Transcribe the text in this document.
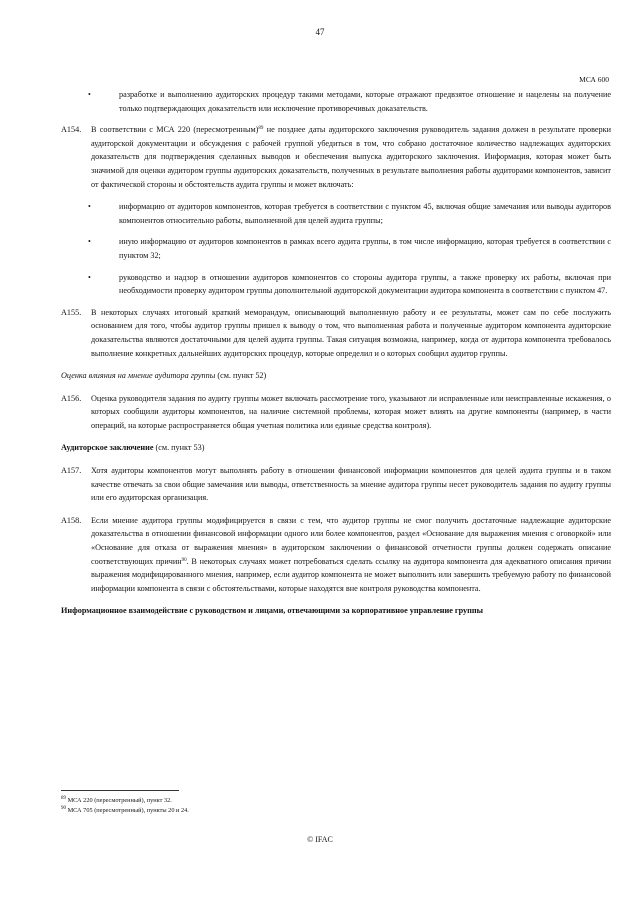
47
МСА 600
•	разработке и выполнению аудиторских процедур такими методами, которые отражают предвзятое отношение и нацелены на получение только подтверждающих доказательств или исключение противоречивых доказательств.
A154. В соответствии с МСА 220 (пересмотренным)$^{89}$ не позднее даты аудиторского заключения руководитель задания должен в результате проверки аудиторской документации и обсуждения с рабочей группой убедиться в том, что собрано достаточное количество надлежащих аудиторских доказательств для подтверждения сделанных выводов и обеспечения выпуска аудиторского заключения. Информация, которая может быть значимой для оценки аудитором группы аудиторских доказательств, полученных в результате выполнения работы аудиторами компонентов, зависит от фактической стороны и обстоятельств аудита группы и может включать:
•	информацию от аудиторов компонентов, которая требуется в соответствии с пунктом 45, включая общие замечания или выводы аудиторов компонентов относительно работы, выполненной для целей аудита группы;
•	иную информацию от аудиторов компонентов в рамках всего аудита группы, в том числе информацию, которая требуется в соответствии с пунктом 32;
•	руководство и надзор в отношении аудиторов компонентов со стороны аудитора группы, а также проверку их работы, включая при необходимости проверку аудитором группы дополнительной аудиторской документации аудитора компонента в соответствии с пунктом 47.
A155. В некоторых случаях итоговый краткий меморандум, описывающий выполненную работу и ее результаты, может сам по себе послужить основанием для того, чтобы аудитор группы пришел к выводу о том, что выполненная работа и полученные аудитором компонента аудиторские доказательства являются достаточными для целей аудита группы. Такая ситуация возможна, например, когда от аудитора компонента требовалось выполнение конкретных дальнейших аудиторских процедур, которые определил и о которых сообщил аудитор группы.
Оценка влияния на мнение аудитора группы (см. пункт 52)
A156. Оценка руководителя задания по аудиту группы может включать рассмотрение того, указывают ли исправленные или неисправленные искажения, о которых сообщили аудиторы компонентов, на наличие системной проблемы, которая может влиять на другие компоненты (например, в части операций, на которые распространяется общая учетная политика или единые средства контроля).
Аудиторское заключение (см. пункт 53)
A157. Хотя аудиторы компонентов могут выполнять работу в отношении финансовой информации компонентов для целей аудита группы и в таком качестве отвечать за свои общие замечания или выводы, ответственность за мнение аудитора группы несет руководитель задания по аудиту группы или его аудиторская организация.
A158. Если мнение аудитора группы модифицируется в связи с тем, что аудитор группы не смог получить достаточные надлежащие аудиторские доказательства в отношении финансовой информации одного или более компонентов, раздел «Основание для выражения мнения с оговоркой» или «Основание для отказа от выражения мнения» в аудиторском заключении о финансовой отчетности группы должен содержать описание соответствующих причин$^{90}$. В некоторых случаях может потребоваться сделать ссылку на аудитора компонента для адекватного описания причин выражения модифицированного мнения, например, если аудитор компонента не может выполнить или завершить требуемую работу по финансовой информации компонента в связи с обстоятельствами, которые находятся вне контроля руководства компонента.
Информационное взаимодействие с руководством и лицами, отвечающими за корпоративное управление группы
$^{89}$ МСА 220 (пересмотренный), пункт 32.
$^{90}$ МСА 705 (пересмотренный), пункты 20 и 24.
© IFAC
